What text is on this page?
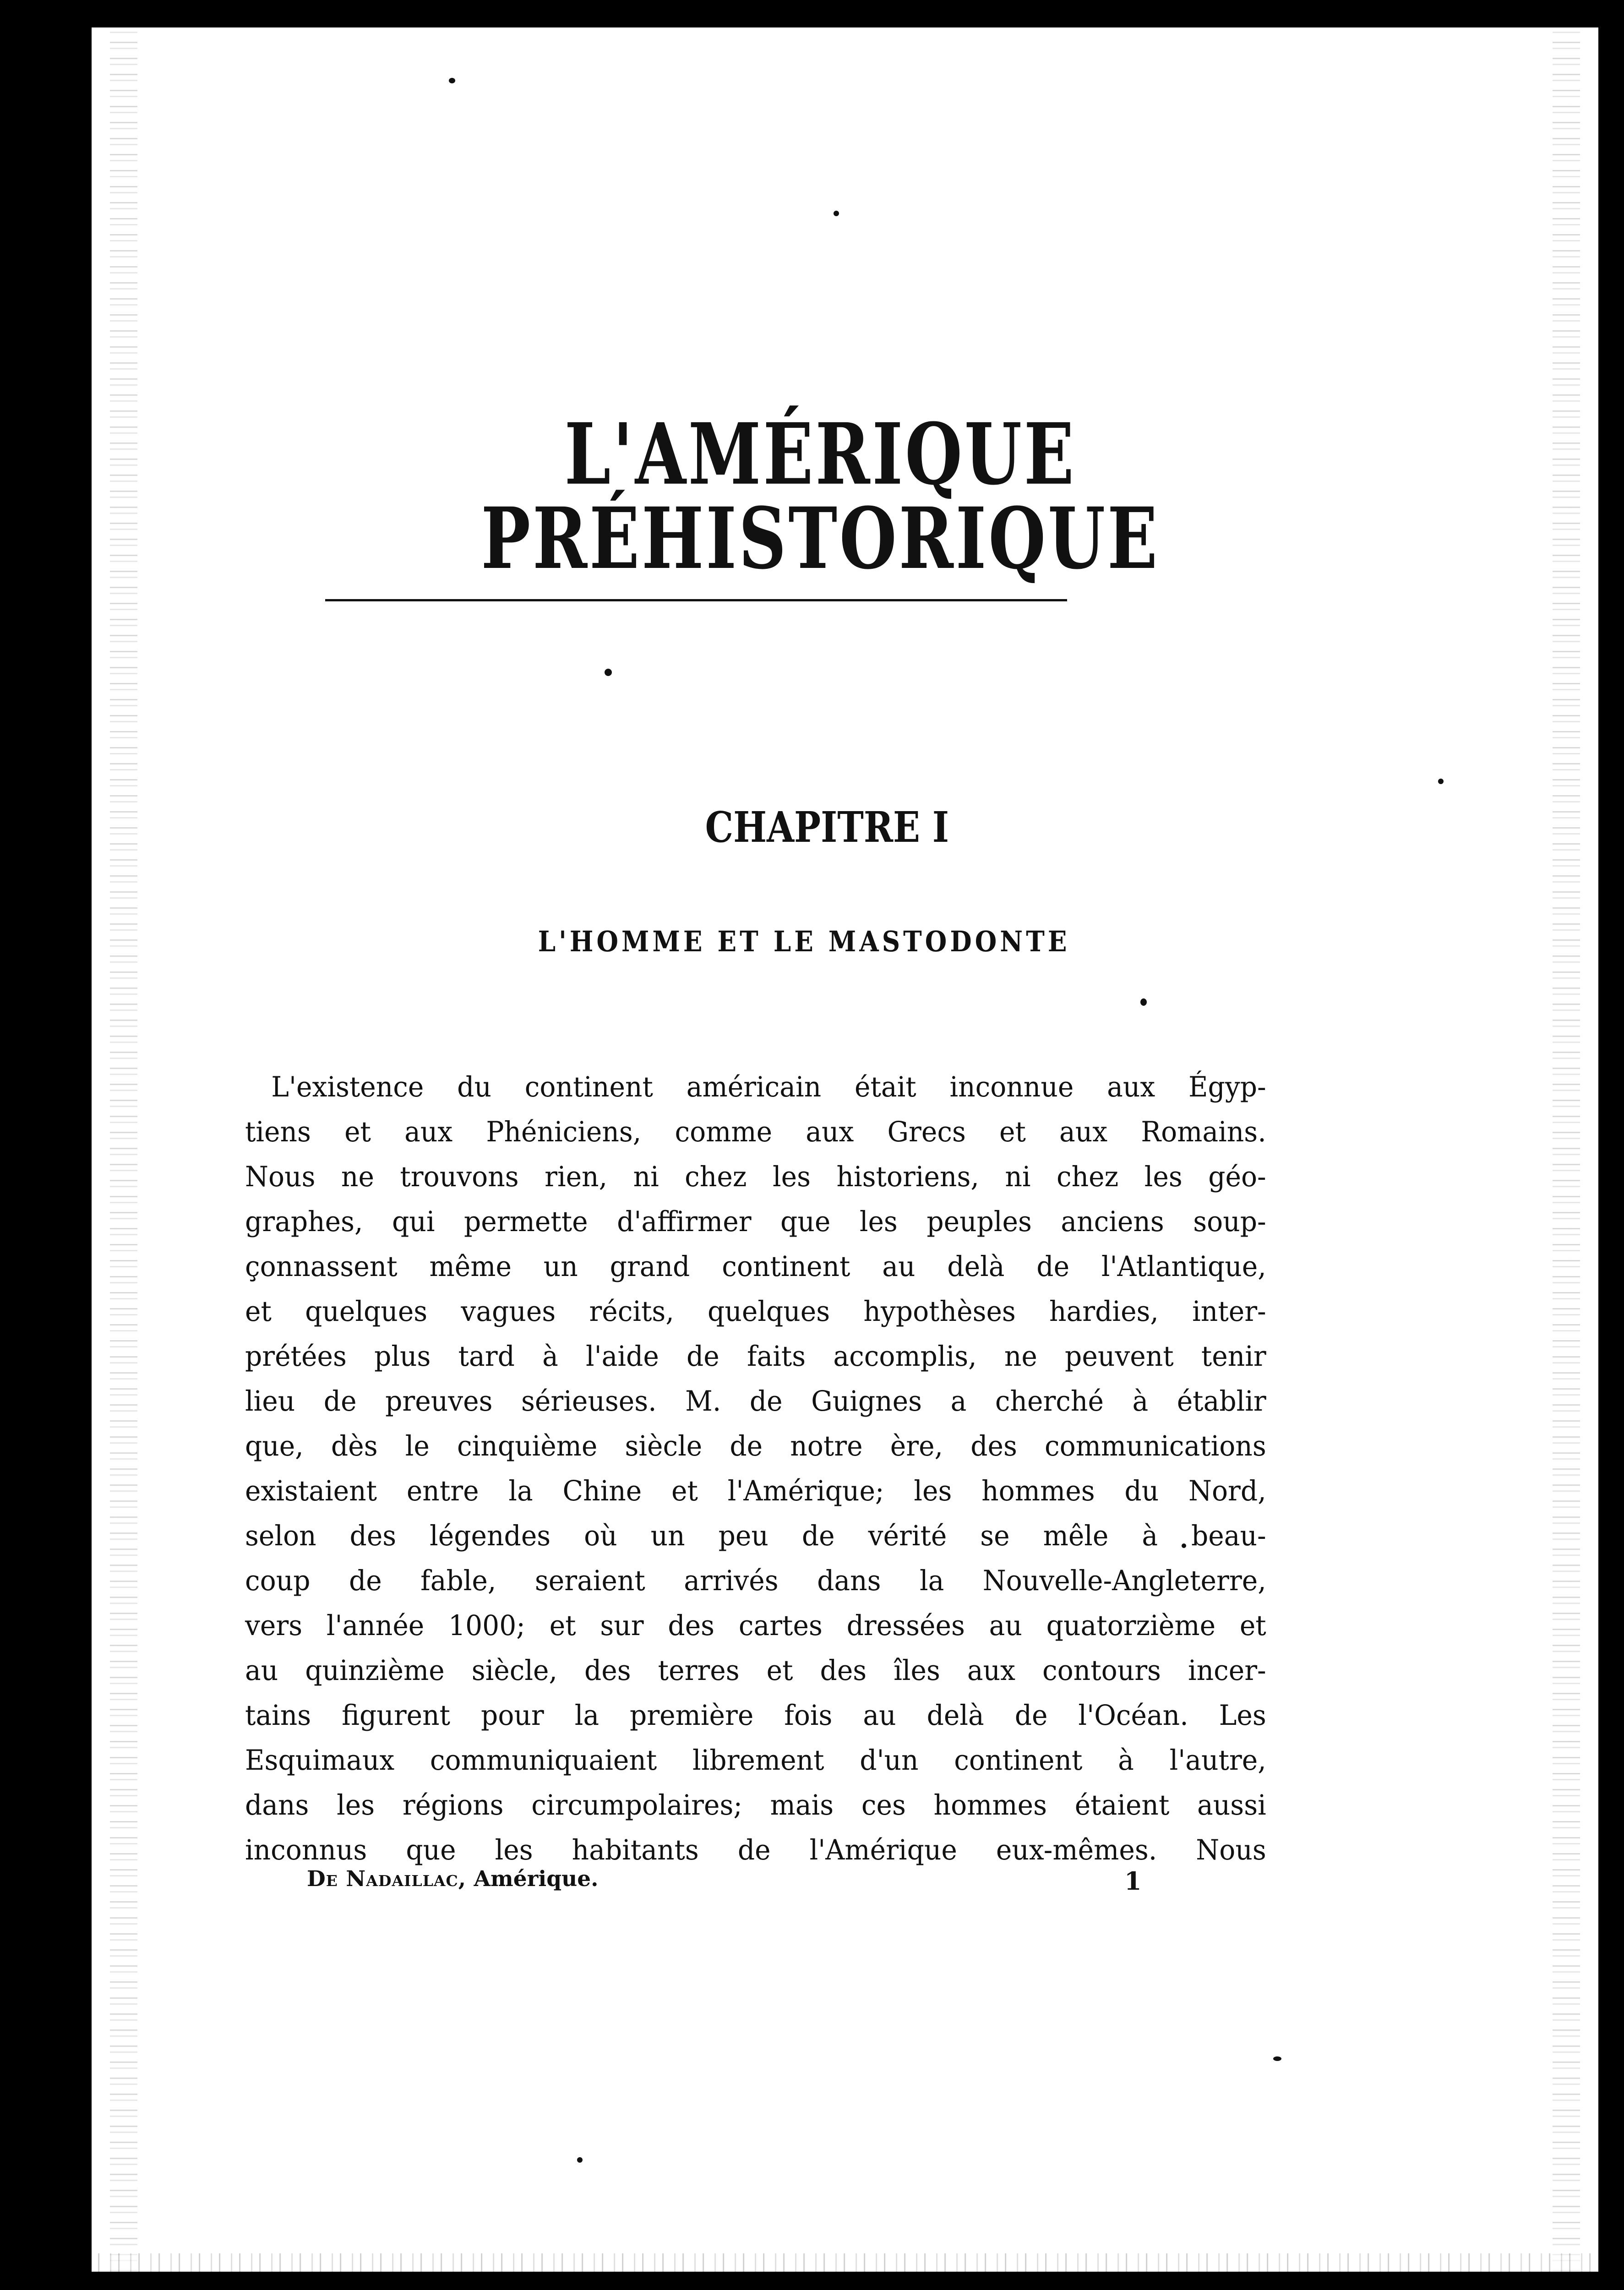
L'AMÉRIQUE PRÉHISTORIQUE
CHAPITRE I
L'HOMME ET LE MASTODONTE
L'existence du continent américain était inconnue aux Égyp-
tiens et aux Phéniciens, comme aux Grecs et aux Romains.
Nous ne trouvons rien, ni chez les historiens, ni chez les géo-
graphes, qui permette d'affirmer que les peuples anciens soup-
çonnassent même un grand continent au delà de l'Atlantique,
et quelques vagues récits, quelques hypothèses hardies, inter-
prétées plus tard à l'aide de faits accomplis, ne peuvent tenir
lieu de preuves sérieuses. M. de Guignes a cherché à établir
que, dès le cinquième siècle de notre ère, des communications
existaient entre la Chine et l'Amérique; les hommes du Nord,
selon des légendes où un peu de vérité se mêle à beau-
coup de fable, seraient arrivés dans la Nouvelle-Angleterre,
vers l'année 1000; et sur des cartes dressées au quatorzième et
au quinzième siècle, des terres et des îles aux contours incer-
tains figurent pour la première fois au delà de l'Océan. Les
Esquimaux communiquaient librement d'un continent à l'autre,
dans les régions circumpolaires; mais ces hommes étaient aussi
inconnus que les habitants de l'Amérique eux-mêmes. Nous
De Nadaillac, Amérique.	1
